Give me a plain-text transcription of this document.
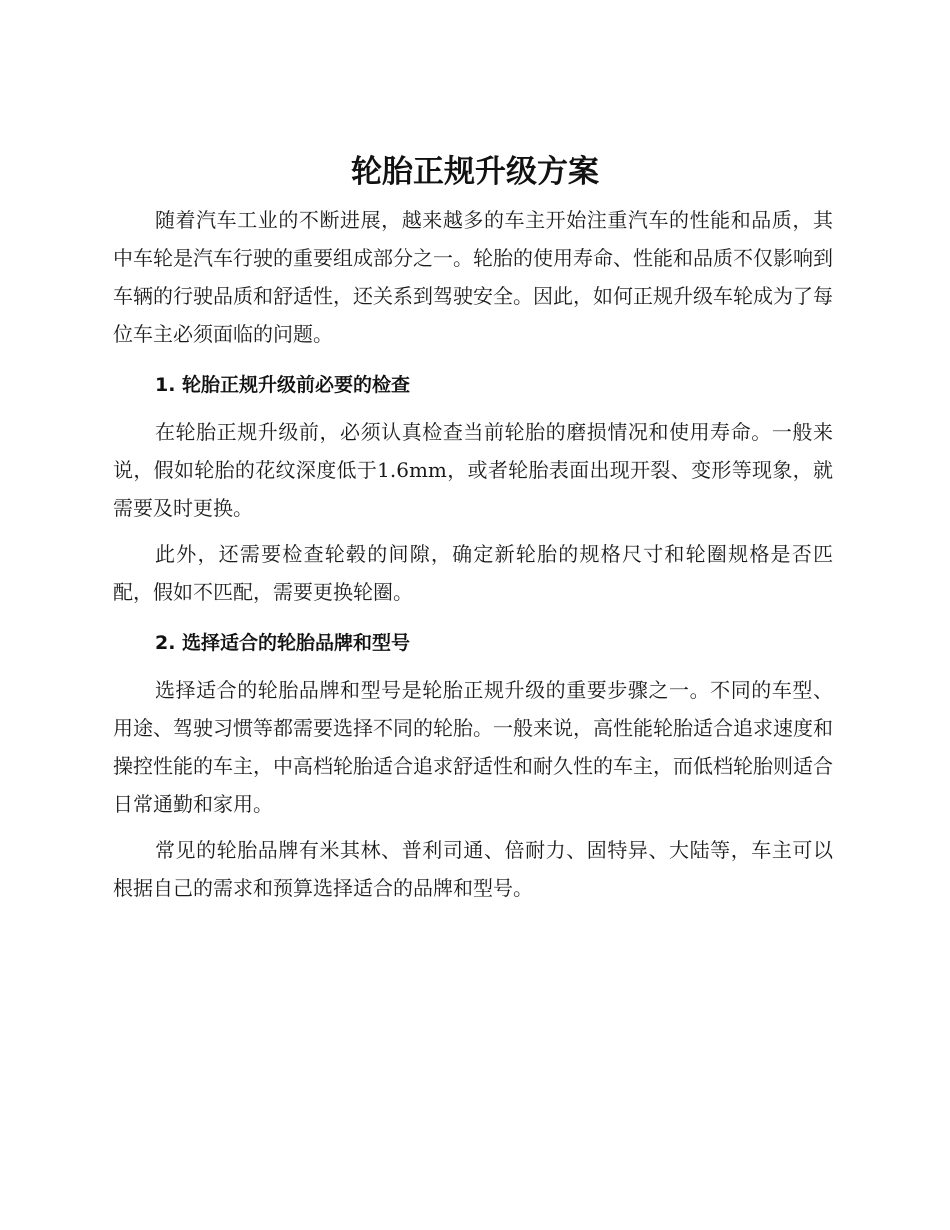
轮胎正规升级方案

随着汽车工业的不断进展，越来越多的车主开始注重汽车的性能和品质，其中车轮是汽车行驶的重要组成部分之一。轮胎的使用寿命、性能和品质不仅影响到车辆的行驶品质和舒适性，还关系到驾驶安全。因此，如何正规升级车轮成为了每位车主必须面临的问题。

1. 轮胎正规升级前必要的检查

在轮胎正规升级前，必须认真检查当前轮胎的磨损情况和使用寿命。一般来说，假如轮胎的花纹深度低于1.6mm，或者轮胎表面出现开裂、变形等现象，就需要及时更换。

此外，还需要检查轮毂的间隙，确定新轮胎的规格尺寸和轮圈规格是否匹配，假如不匹配，需要更换轮圈。

2. 选择适合的轮胎品牌和型号

选择适合的轮胎品牌和型号是轮胎正规升级的重要步骤之一。不同的车型、用途、驾驶习惯等都需要选择不同的轮胎。一般来说，高性能轮胎适合追求速度和操控性能的车主，中高档轮胎适合追求舒适性和耐久性的车主，而低档轮胎则适合日常通勤和家用。

常见的轮胎品牌有米其林、普利司通、倍耐力、固特异、大陆等，车主可以根据自己的需求和预算选择适合的品牌和型号。
